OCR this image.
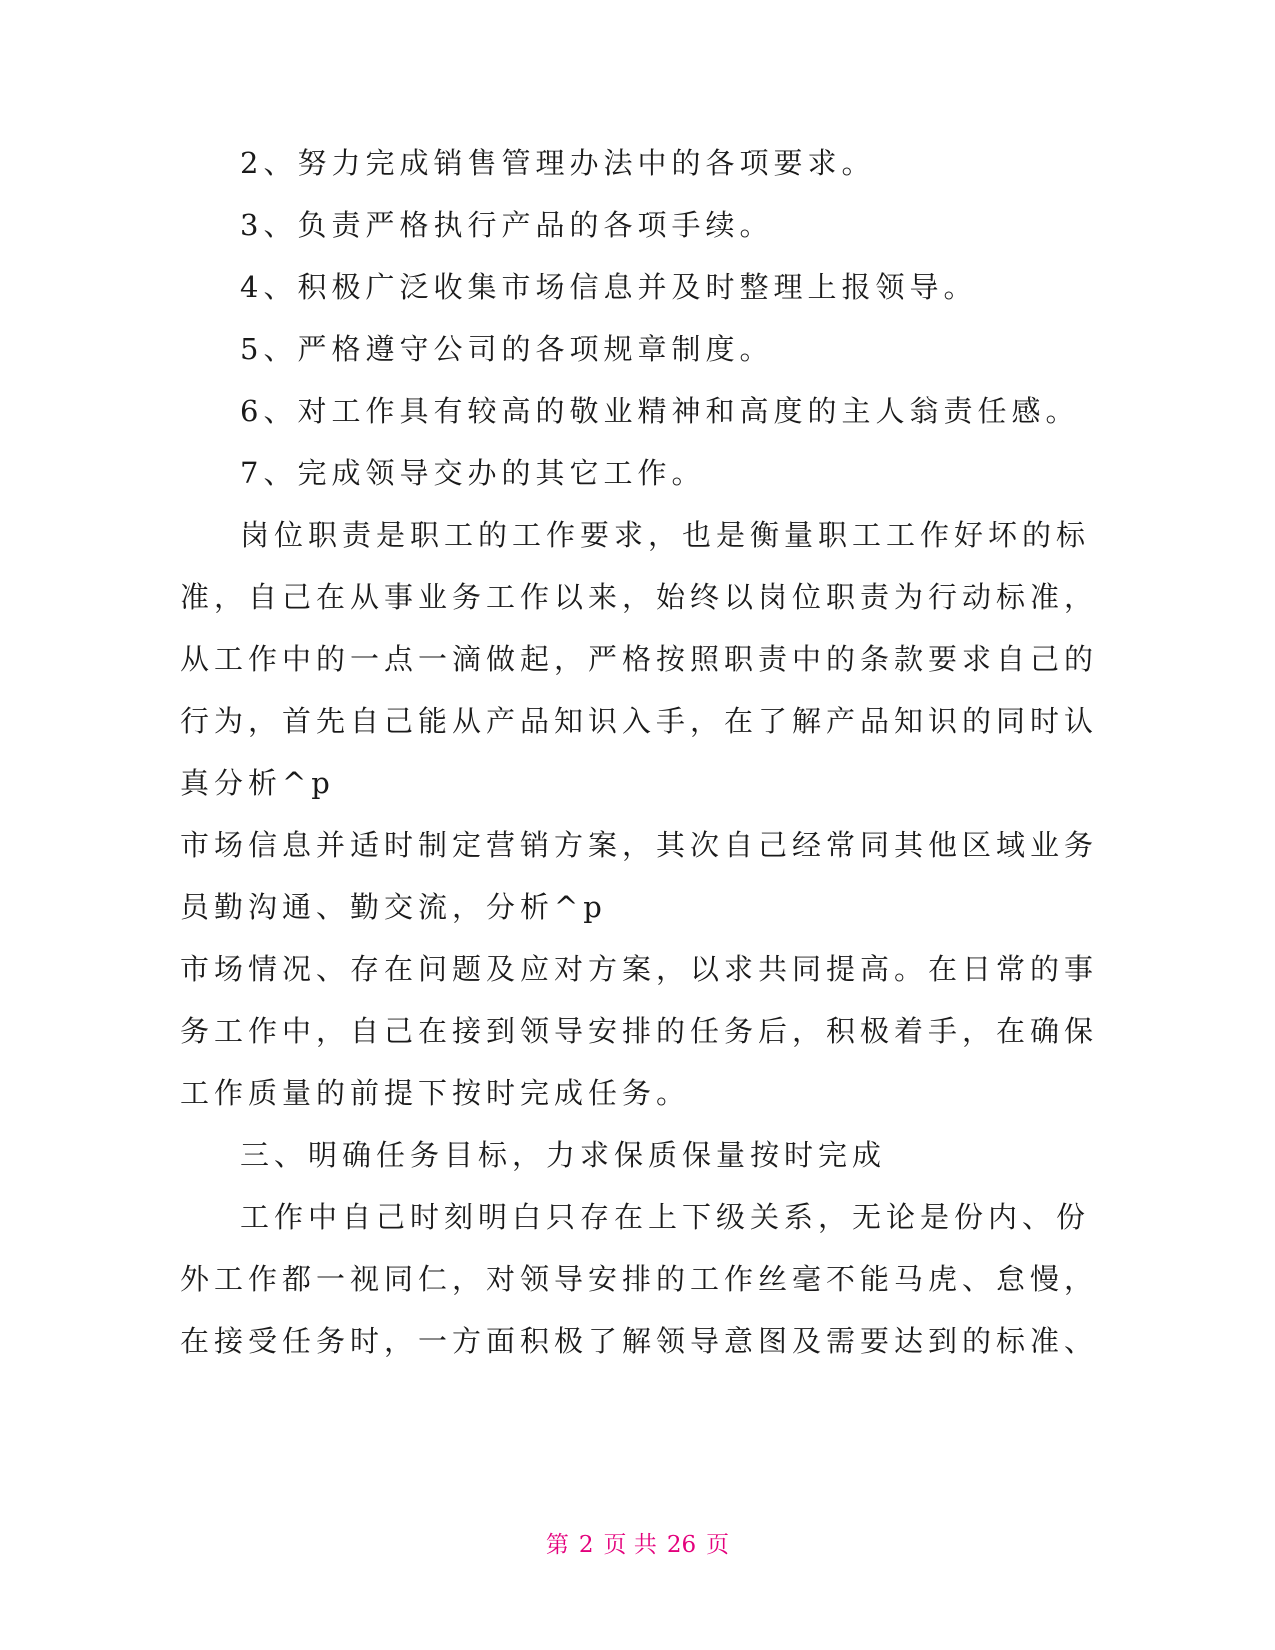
2、努力完成销售管理办法中的各项要求。
3、负责严格执行产品的各项手续。
4、积极广泛收集市场信息并及时整理上报领导。
5、严格遵守公司的各项规章制度。
6、对工作具有较高的敬业精神和高度的主人翁责任感。
7、完成领导交办的其它工作。
岗位职责是职工的工作要求，也是衡量职工工作好坏的标
准，自己在从事业务工作以来，始终以岗位职责为行动标准，
从工作中的一点一滴做起，严格按照职责中的条款要求自己的
行为，首先自己能从产品知识入手，在了解产品知识的同时认
真分析^p
市场信息并适时制定营销方案，其次自己经常同其他区域业务
员勤沟通、勤交流，分析^p
市场情况、存在问题及应对方案，以求共同提高。在日常的事
务工作中，自己在接到领导安排的任务后，积极着手，在确保
工作质量的前提下按时完成任务。
三、明确任务目标，力求保质保量按时完成
工作中自己时刻明白只存在上下级关系，无论是份内、份
外工作都一视同仁，对领导安排的工作丝毫不能马虎、怠慢，
在接受任务时，一方面积极了解领导意图及需要达到的标准、
第 2 页 共 26 页
